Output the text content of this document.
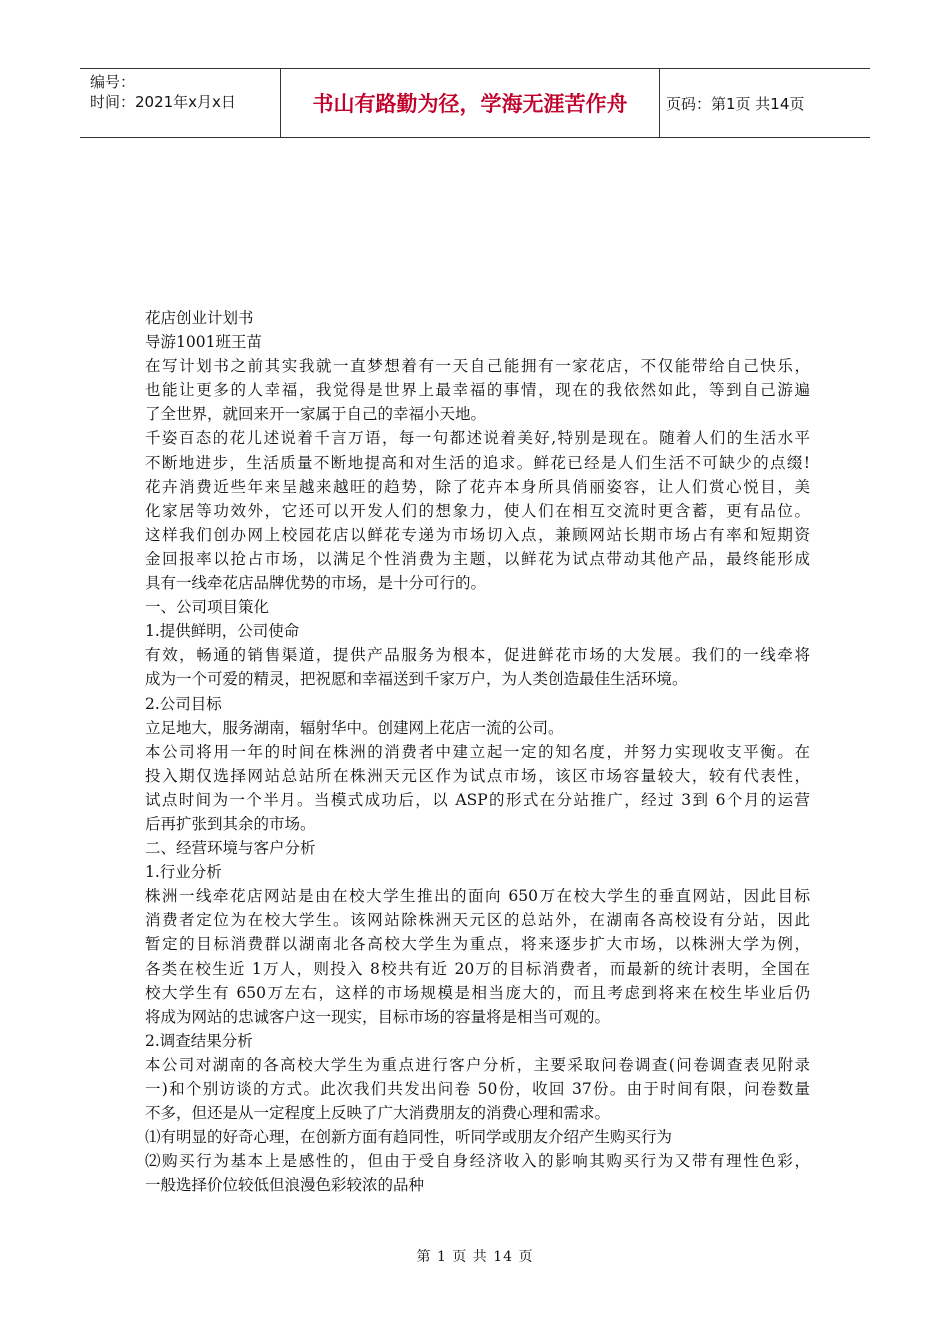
编号：
时间：2021年x月x日	书山有路勤为径，学海无涯苦作舟	页码：第1页 共14页
花店创业计划书
导游1001班王苗
在写计划书之前其实我就一直梦想着有一天自己能拥有一家花店，不仅能带给自己快乐，
也能让更多的人幸福，我觉得是世界上最幸福的事情，现在的我依然如此，等到自己游遍
了全世界，就回来开一家属于自己的幸福小天地。
千姿百态的花儿述说着千言万语，每一句都述说着美好,特别是现在。随着人们的生活水平
不断地进步，生活质量不断地提高和对生活的追求。鲜花已经是人们生活不可缺少的点缀!
花卉消费近些年来呈越来越旺的趋势，除了花卉本身所具俏丽姿容，让人们赏心悦目，美
化家居等功效外，它还可以开发人们的想象力，使人们在相互交流时更含蓄，更有品位。
这样我们创办网上校园花店以鲜花专递为市场切入点，兼顾网站长期市场占有率和短期资
金回报率以抢占市场，以满足个性消费为主题，以鲜花为试点带动其他产品，最终能形成
具有一线牵花店品牌优势的市场，是十分可行的。
一、公司项目策化
1.提供鲜明，公司使命
有效，畅通的销售渠道，提供产品服务为根本，促进鲜花市场的大发展。我们的一线牵将
成为一个可爱的精灵，把祝愿和幸福送到千家万户，为人类创造最佳生活环境。
2.公司目标
立足地大，服务湖南，辐射华中。创建网上花店一流的公司。
本公司将用一年的时间在株洲的消费者中建立起一定的知名度，并努力实现收支平衡。在
投入期仅选择网站总站所在株洲天元区作为试点市场，该区市场容量较大，较有代表性，
试点时间为一个半月。当模式成功后，以 ASP的形式在分站推广，经过 3到 6个月的运营
后再扩张到其余的市场。
二、经营环境与客户分析
1.行业分析
株洲一线牵花店网站是由在校大学生推出的面向 650万在校大学生的垂直网站，因此目标
消费者定位为在校大学生。该网站除株洲天元区的总站外，在湖南各高校设有分站，因此
暂定的目标消费群以湖南北各高校大学生为重点，将来逐步扩大市场，以株洲大学为例，
各类在校生近 1万人，则投入 8校共有近 20万的目标消费者，而最新的统计表明，全国在
校大学生有 650万左右，这样的市场规模是相当庞大的，而且考虑到将来在校生毕业后仍
将成为网站的忠诚客户这一现实，目标市场的容量将是相当可观的。
2.调查结果分析
本公司对湖南的各高校大学生为重点进行客户分析，主要采取问卷调查(问卷调查表见附录
一)和个别访谈的方式。此次我们共发出问卷 50份，收回 37份。由于时间有限，问卷数量
不多，但还是从一定程度上反映了广大消费朋友的消费心理和需求。
⑴有明显的好奇心理，在创新方面有趋同性，听同学或朋友介绍产生购买行为
⑵购买行为基本上是感性的，但由于受自身经济收入的影响其购买行为又带有理性色彩，
一般选择价位较低但浪漫色彩较浓的品种
第 1 页 共 14 页
